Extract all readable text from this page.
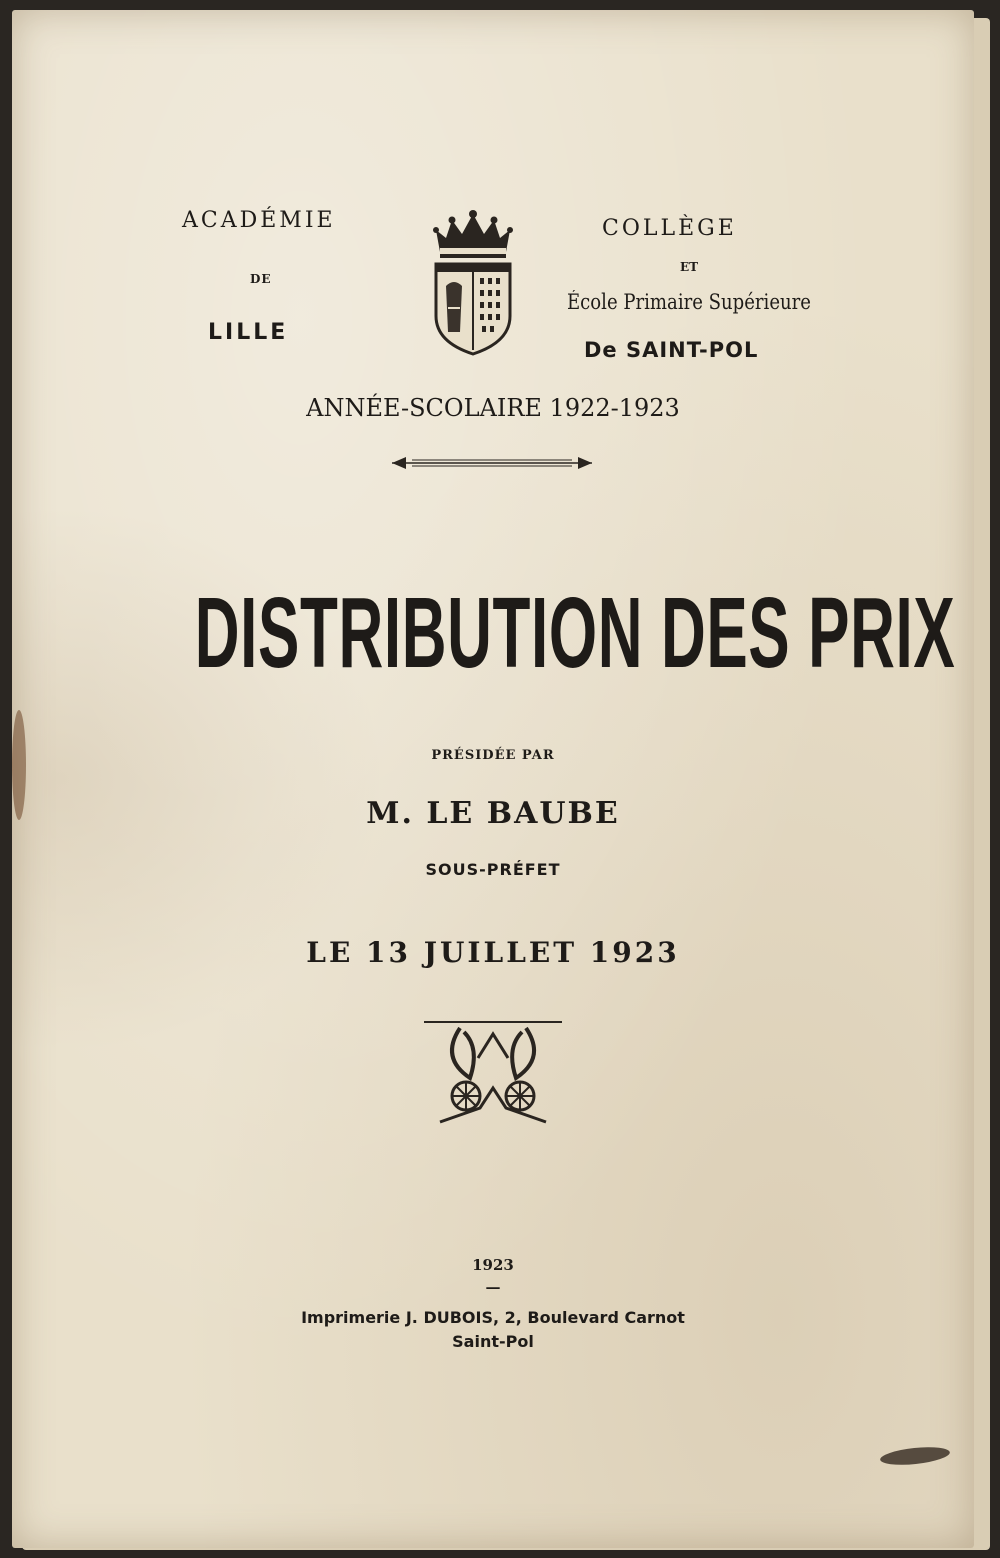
ACADÉMIE
DE
LILLE
COLLÈGE
ET
École Primaire Supérieure
De SAINT-POL
ANNÉE-SCOLAIRE 1922-1923
DISTRIBUTION DES PRIX
PRÉSIDÉE PAR
M. LE BAUBE
SOUS-PRÉFET
LE 13 JUILLET 1923
1923
—
Imprimerie J. DUBOIS, 2, Boulevard Carnot
Saint-Pol
